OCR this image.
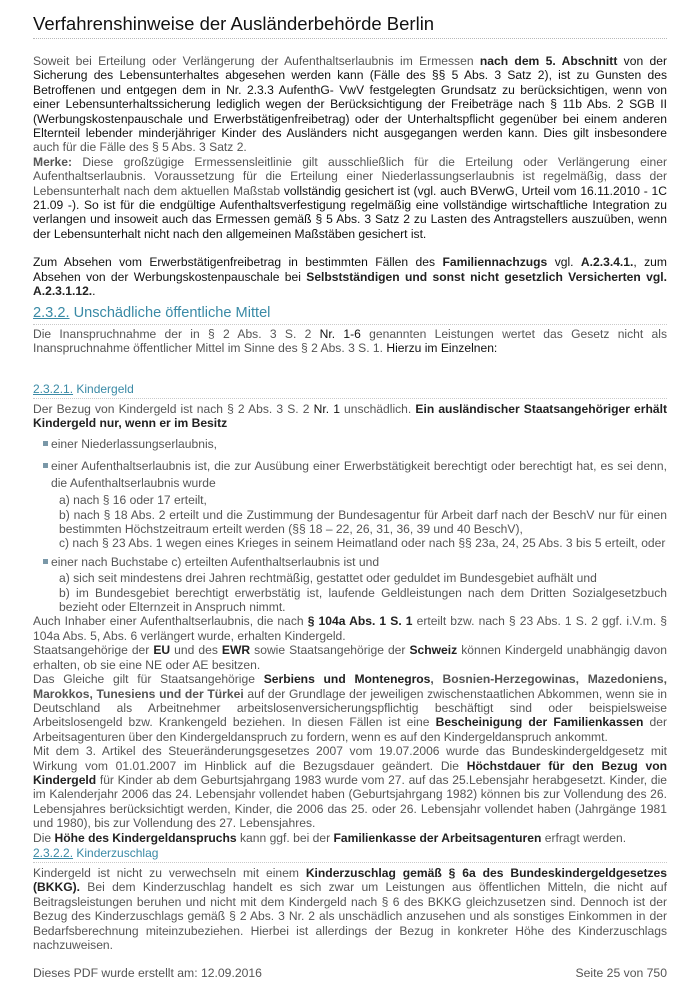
Verfahrenshinweise der Ausländerbehörde Berlin

Soweit bei Erteilung oder Verlängerung der Aufenthaltserlaubnis im Ermessen nach dem 5. Abschnitt von der Sicherung des Lebensunterhaltes abgesehen werden kann (Fälle des §§ 5 Abs. 3 Satz 2), ist zu Gunsten des Betroffenen und entgegen dem in Nr. 2.3.3 AufenthG- VwV festgelegten Grundsatz zu berücksichtigen, wenn von einer Lebensunterhaltssicherung lediglich wegen der Berücksichtigung der Freibeträge nach § 11b Abs. 2 SGB II (Werbungskostenpauschale und Erwerbstätigenfreibetrag) oder der Unterhaltspflicht gegenüber bei einem anderen Elternteil lebender minderjähriger Kinder des Ausländers nicht ausgegangen werden kann. Dies gilt insbesondere auch für die Fälle des § 5 Abs. 3 Satz 2.

Merke: Diese großzügige Ermessensleitlinie gilt ausschließlich für die Erteilung oder Verlängerung einer Aufenthaltserlaubnis. Voraussetzung für die Erteilung einer Niederlassungserlaubnis ist regelmäßig, dass der Lebensunterhalt nach dem aktuellen Maßstab vollständig gesichert ist (vgl. auch BVerwG, Urteil vom 16.11.2010 - 1C 21.09 -). So ist für die endgültige Aufenthaltsverfestigung regelmäßig eine vollständige wirtschaftliche Integration zu verlangen und insoweit auch das Ermessen gemäß § 5 Abs. 3 Satz 2 zu Lasten des Antragstellers auszuüben, wenn der Lebensunterhalt nicht nach den allgemeinen Maßstäben gesichert ist.

Zum Absehen vom Erwerbstätigenfreibetrag in bestimmten Fällen des Familiennachzugs vgl. A.2.3.4.1., zum Absehen von der Werbungskostenpauschale bei Selbstständigen und sonst nicht gesetzlich Versicherten vgl. A.2.3.1.12..

2.3.2. Unschädliche öffentliche Mittel

Die Inanspruchnahme der in § 2 Abs. 3 S. 2 Nr. 1-6 genannten Leistungen wertet das Gesetz nicht als Inanspruchnahme öffentlicher Mittel im Sinne des § 2 Abs. 3 S. 1. Hierzu im Einzelnen:

2.3.2.1. Kindergeld

Der Bezug von Kindergeld ist nach § 2 Abs. 3 S. 2 Nr. 1 unschädlich. Ein ausländischer Staatsangehöriger erhält Kindergeld nur, wenn er im Besitz

einer Niederlassungserlaubnis,
einer Aufenthaltserlaubnis ist, die zur Ausübung einer Erwerbstätigkeit berechtigt oder berechtigt hat, es sei denn, die Aufenthaltserlaubnis wurde
a) nach § 16 oder 17 erteilt,
b) nach § 18 Abs. 2 erteilt und die Zustimmung der Bundesagentur für Arbeit darf nach der BeschV nur für einen bestimmten Höchstzeitraum erteilt werden (§§ 18 – 22, 26, 31, 36, 39 und 40 BeschV),
c) nach § 23 Abs. 1 wegen eines Krieges in seinem Heimatland oder nach §§ 23a, 24, 25 Abs. 3 bis 5 erteilt, oder
einer nach Buchstabe c) erteilten Aufenthaltserlaubnis ist und
a) sich seit mindestens drei Jahren rechtmäßig, gestattet oder geduldet im Bundesgebiet aufhält und
b) im Bundesgebiet berechtigt erwerbstätig ist, laufende Geldleistungen nach dem Dritten Sozialgesetzbuch bezieht oder Elternzeit in Anspruch nimmt.

Auch Inhaber einer Aufenthaltserlaubnis, die nach § 104a Abs. 1 S. 1 erteilt bzw. nach § 23 Abs. 1 S. 2 ggf. i.V.m. § 104a Abs. 5, Abs. 6 verlängert wurde, erhalten Kindergeld.

Staatsangehörige der EU und des EWR sowie Staatsangehörige der Schweiz können Kindergeld unabhängig davon erhalten, ob sie eine NE oder AE besitzen.

Das Gleiche gilt für Staatsangehörige Serbiens und Montenegros, Bosnien-Herzegowinas, Mazedoniens, Marokkos, Tunesiens und der Türkei auf der Grundlage der jeweiligen zwischenstaatlichen Abkommen, wenn sie in Deutschland als Arbeitnehmer arbeitslosenversicherungspflichtig beschäftigt sind oder beispielsweise Arbeitslosengeld bzw. Krankengeld beziehen. In diesen Fällen ist eine Bescheinigung der Familienkassen der Arbeitsagenturen über den Kindergeldanspruch zu fordern, wenn es auf den Kindergeldanspruch ankommt.

Mit dem 3. Artikel des Steueränderungsgesetzes 2007 vom 19.07.2006 wurde das Bundeskindergeldgesetz mit Wirkung vom 01.01.2007 im Hinblick auf die Bezugsdauer geändert. Die Höchstdauer für den Bezug von Kindergeld für Kinder ab dem Geburtsjahrgang 1983 wurde vom 27. auf das 25.Lebensjahr herabgesetzt. Kinder, die im Kalenderjahr 2006 das 24. Lebensjahr vollendet haben (Geburtsjahrgang 1982) können bis zur Vollendung des 26. Lebensjahres berücksichtigt werden, Kinder, die 2006 das 25. oder 26. Lebensjahr vollendet haben (Jahrgänge 1981 und 1980), bis zur Vollendung des 27. Lebensjahres.

Die Höhe des Kindergeldanspruchs kann ggf. bei der Familienkasse der Arbeitsagenturen erfragt werden.

2.3.2.2. Kinderzuschlag

Kindergeld ist nicht zu verwechseln mit einem Kinderzuschlag gemäß § 6a des Bundeskindergeldgesetzes (BKKG). Bei dem Kinderzuschlag handelt es sich zwar um Leistungen aus öffentlichen Mitteln, die nicht auf Beitragsleistungen beruhen und nicht mit dem Kindergeld nach § 6 des BKKG gleichzusetzen sind. Dennoch ist der Bezug des Kinderzuschlags gemäß § 2 Abs. 3 Nr. 2 als unschädlich anzusehen und als sonstiges Einkommen in der Bedarfsberechnung miteinzubeziehen. Hierbei ist allerdings der Bezug in konkreter Höhe des Kinderzuschlags nachzuweisen.

Dieses PDF wurde erstellt am: 12.09.2016	Seite 25 von 750
